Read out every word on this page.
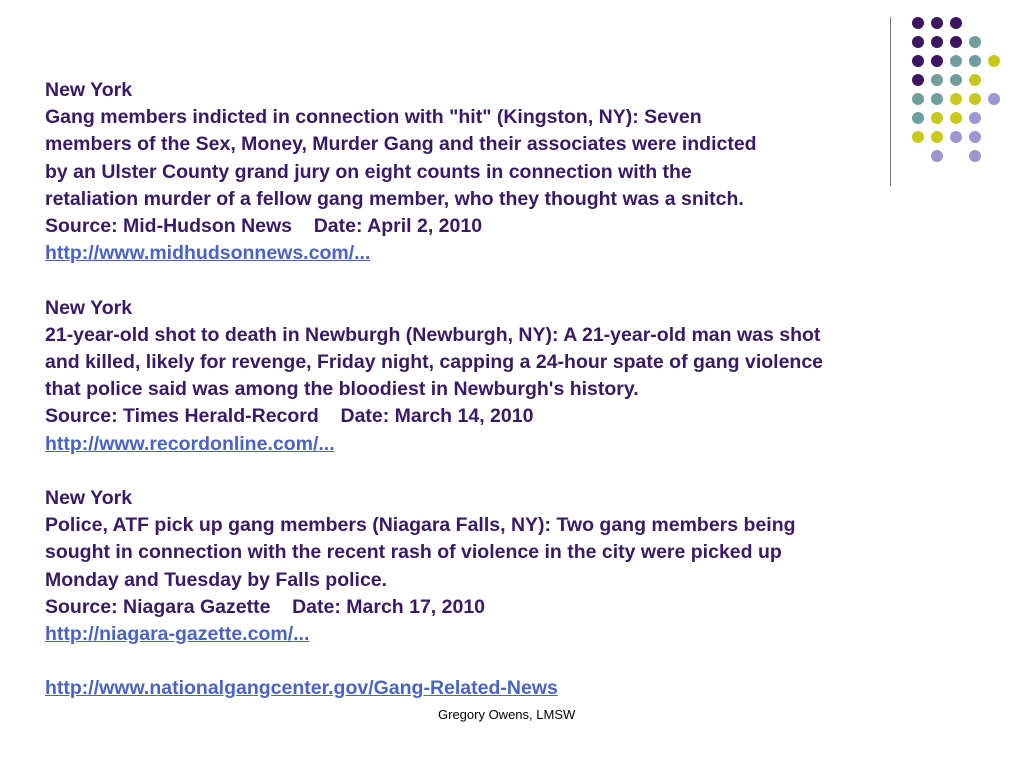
New York
Gang members indicted in connection with "hit" (Kingston, NY): Seven
members of the Sex, Money, Murder Gang and their associates were indicted
by an Ulster County grand jury on eight counts in connection with the
retaliation murder of a fellow gang member, who they thought was a snitch.
Source: Mid-Hudson News Date: April 2, 2010
http://www.midhudsonnews.com/...
New York
21-year-old shot to death in Newburgh (Newburgh, NY): A 21-year-old man was shot
and killed, likely for revenge, Friday night, capping a 24-hour spate of gang violence
that police said was among the bloodiest in Newburgh's history.
Source: Times Herald-Record Date: March 14, 2010
http://www.recordonline.com/...
New York
Police, ATF pick up gang members (Niagara Falls, NY): Two gang members being
sought in connection with the recent rash of violence in the city were picked up
Monday and Tuesday by Falls police.
Source: Niagara Gazette Date: March 17, 2010
http://niagara-gazette.com/...
http://www.nationalgangcenter.gov/Gang-Related-News
Gregory Owens, LMSW
